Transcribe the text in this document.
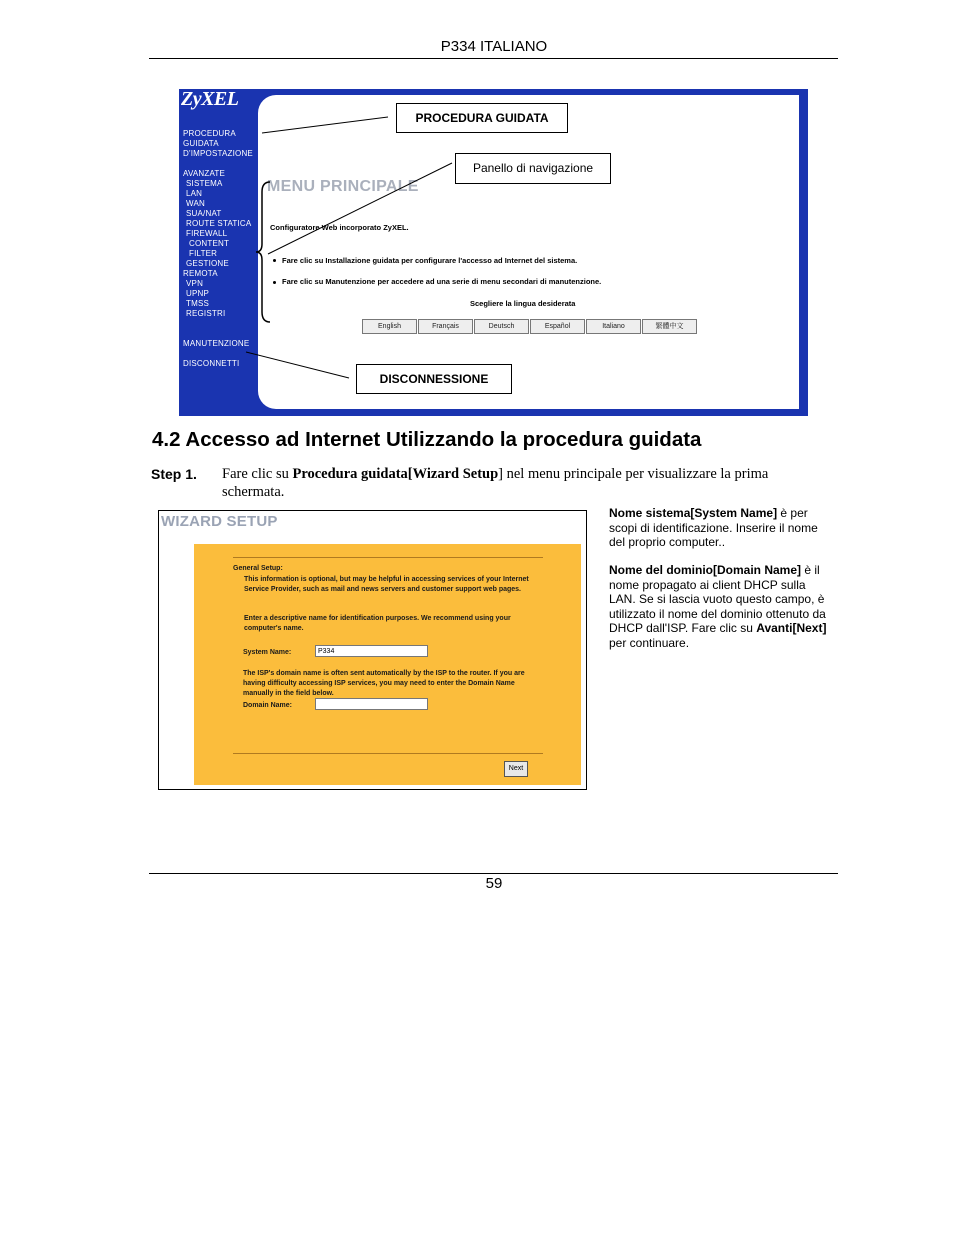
P334 ITALIANO
ZyXEL
PROCEDURA
GUIDATA
D'IMPOSTAZIONE

AVANZATE
SISTEMA
LAN
WAN
SUA/NAT
ROUTE STATICA
FIREWALL
CONTENT
FILTER
GESTIONE
REMOTA
VPN
UPNP
TMSS
REGISTRI

MANUTENZIONE

DISCONNETTI
MENU PRINCIPALE
Configuratore Web incorporato ZyXEL.
Fare clic su Installazione guidata per configurare l'accesso ad Internet del sistema.
Fare clic su Manutenzione per accedere ad una serie di menu secondari di manutenzione.
Scegliere la lingua desiderata
English	Français	Deutsch	Español	Italiano	繁體中文
PROCEDURA GUIDATA
Panello di navigazione
DISCONNESSIONE
4.2 Accesso ad Internet Utilizzando la procedura guidata
Step 1. Fare clic su Procedura guidata[Wizard Setup] nel menu principale per visualizzare la prima schermata.
WIZARD SETUP
General Setup:
This information is optional, but may be helpful in accessing services of your Internet Service Provider, such as mail and news servers and customer support web pages.
Enter a descriptive name for identification purposes. We recommend using your computer's name.
System Name:	P334
The ISP's domain name is often sent automatically by the ISP to the router. If you are having difficulty accessing ISP services, you may need to enter the Domain Name manually in the field below.
Domain Name:
Next
Nome sistema[System Name] è per scopi di identificazione. Inserire il nome del proprio computer..
Nome del dominio[Domain Name] è il nome propagato ai client DHCP sulla LAN. Se si lascia vuoto questo campo, è utilizzato il nome del dominio ottenuto da DHCP dall'ISP. Fare clic su Avanti[Next] per continuare.
59
